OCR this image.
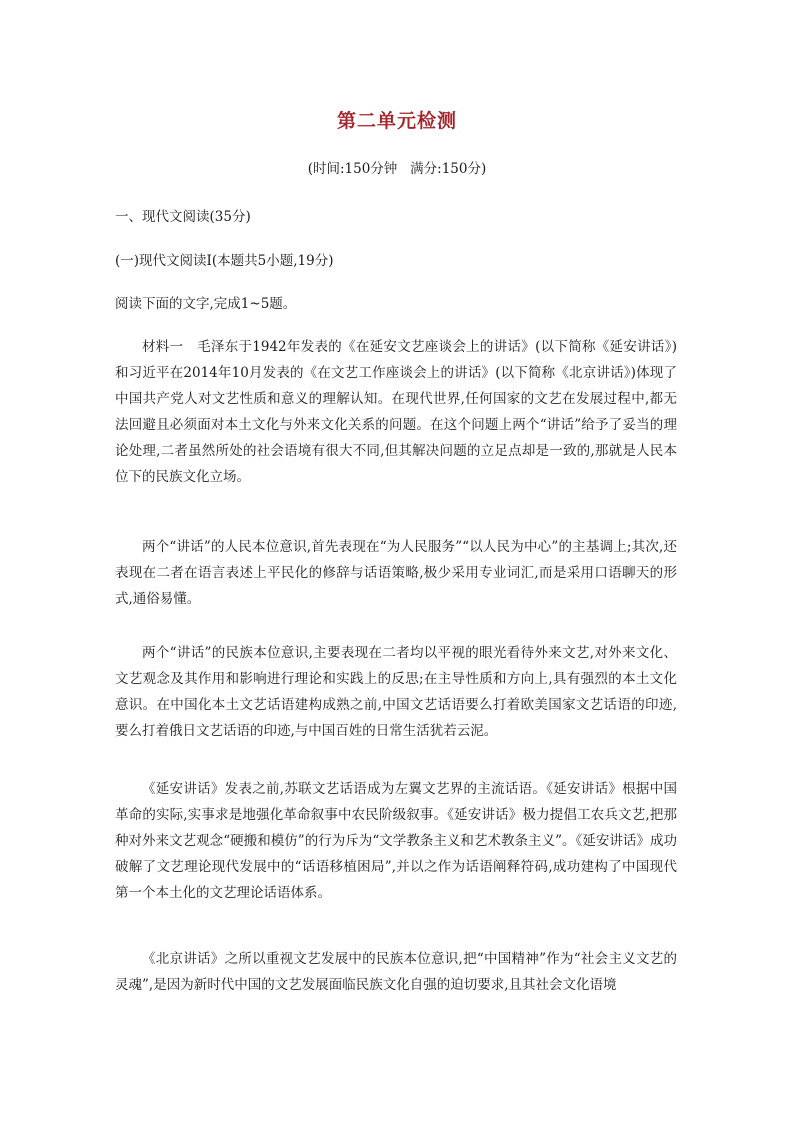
第二单元检测
(时间:150分钟   满分:150分)
一、现代文阅读(35分)
(一)现代文阅读Ⅰ(本题共5小题,19分)
阅读下面的文字,完成1~5题。

材料一　毛泽东于1942年发表的《在延安文艺座谈会上的讲话》(以下简称《延安讲话》)和习近平在2014年10月发表的《在文艺工作座谈会上的讲话》(以下简称《北京讲话》)体现了中国共产党人对文艺性质和意义的理解认知。在现代世界,任何国家的文艺在发展过程中,都无法回避且必须面对本土文化与外来文化关系的问题。在这个问题上两个“讲话”给予了妥当的理论处理,二者虽然所处的社会语境有很大不同,但其解决问题的立足点却是一致的,那就是人民本位下的民族文化立场。

两个“讲话”的人民本位意识,首先表现在“为人民服务”“以人民为中心”的主基调上;其次,还表现在二者在语言表述上平民化的修辞与话语策略,极少采用专业词汇,而是采用口语聊天的形式,通俗易懂。

两个“讲话”的民族本位意识,主要表现在二者均以平视的眼光看待外来文艺,对外来文化、文艺观念及其作用和影响进行理论和实践上的反思;在主导性质和方向上,具有强烈的本土文化意识。在中国化本土文艺话语建构成熟之前,中国文艺话语要么打着欧美国家文艺话语的印迹,要么打着俄日文艺话语的印迹,与中国百姓的日常生活犹若云泥。

《延安讲话》发表之前,苏联文艺话语成为左翼文艺界的主流话语。《延安讲话》根据中国革命的实际,实事求是地强化革命叙事中农民阶级叙事。《延安讲话》极力提倡工农兵文艺,把那种对外来文艺观念“硬搬和模仿”的行为斥为“文学教条主义和艺术教条主义”。《延安讲话》成功破解了文艺理论现代发展中的“话语移植困局”,并以之作为话语阐释符码,成功建构了中国现代第一个本土化的文艺理论话语体系。

《北京讲话》之所以重视文艺发展中的民族本位意识,把“中国精神”作为“社会主义文艺的灵魂”,是因为新时代中国的文艺发展面临民族文化自强的迫切要求,且其社会文化语境
